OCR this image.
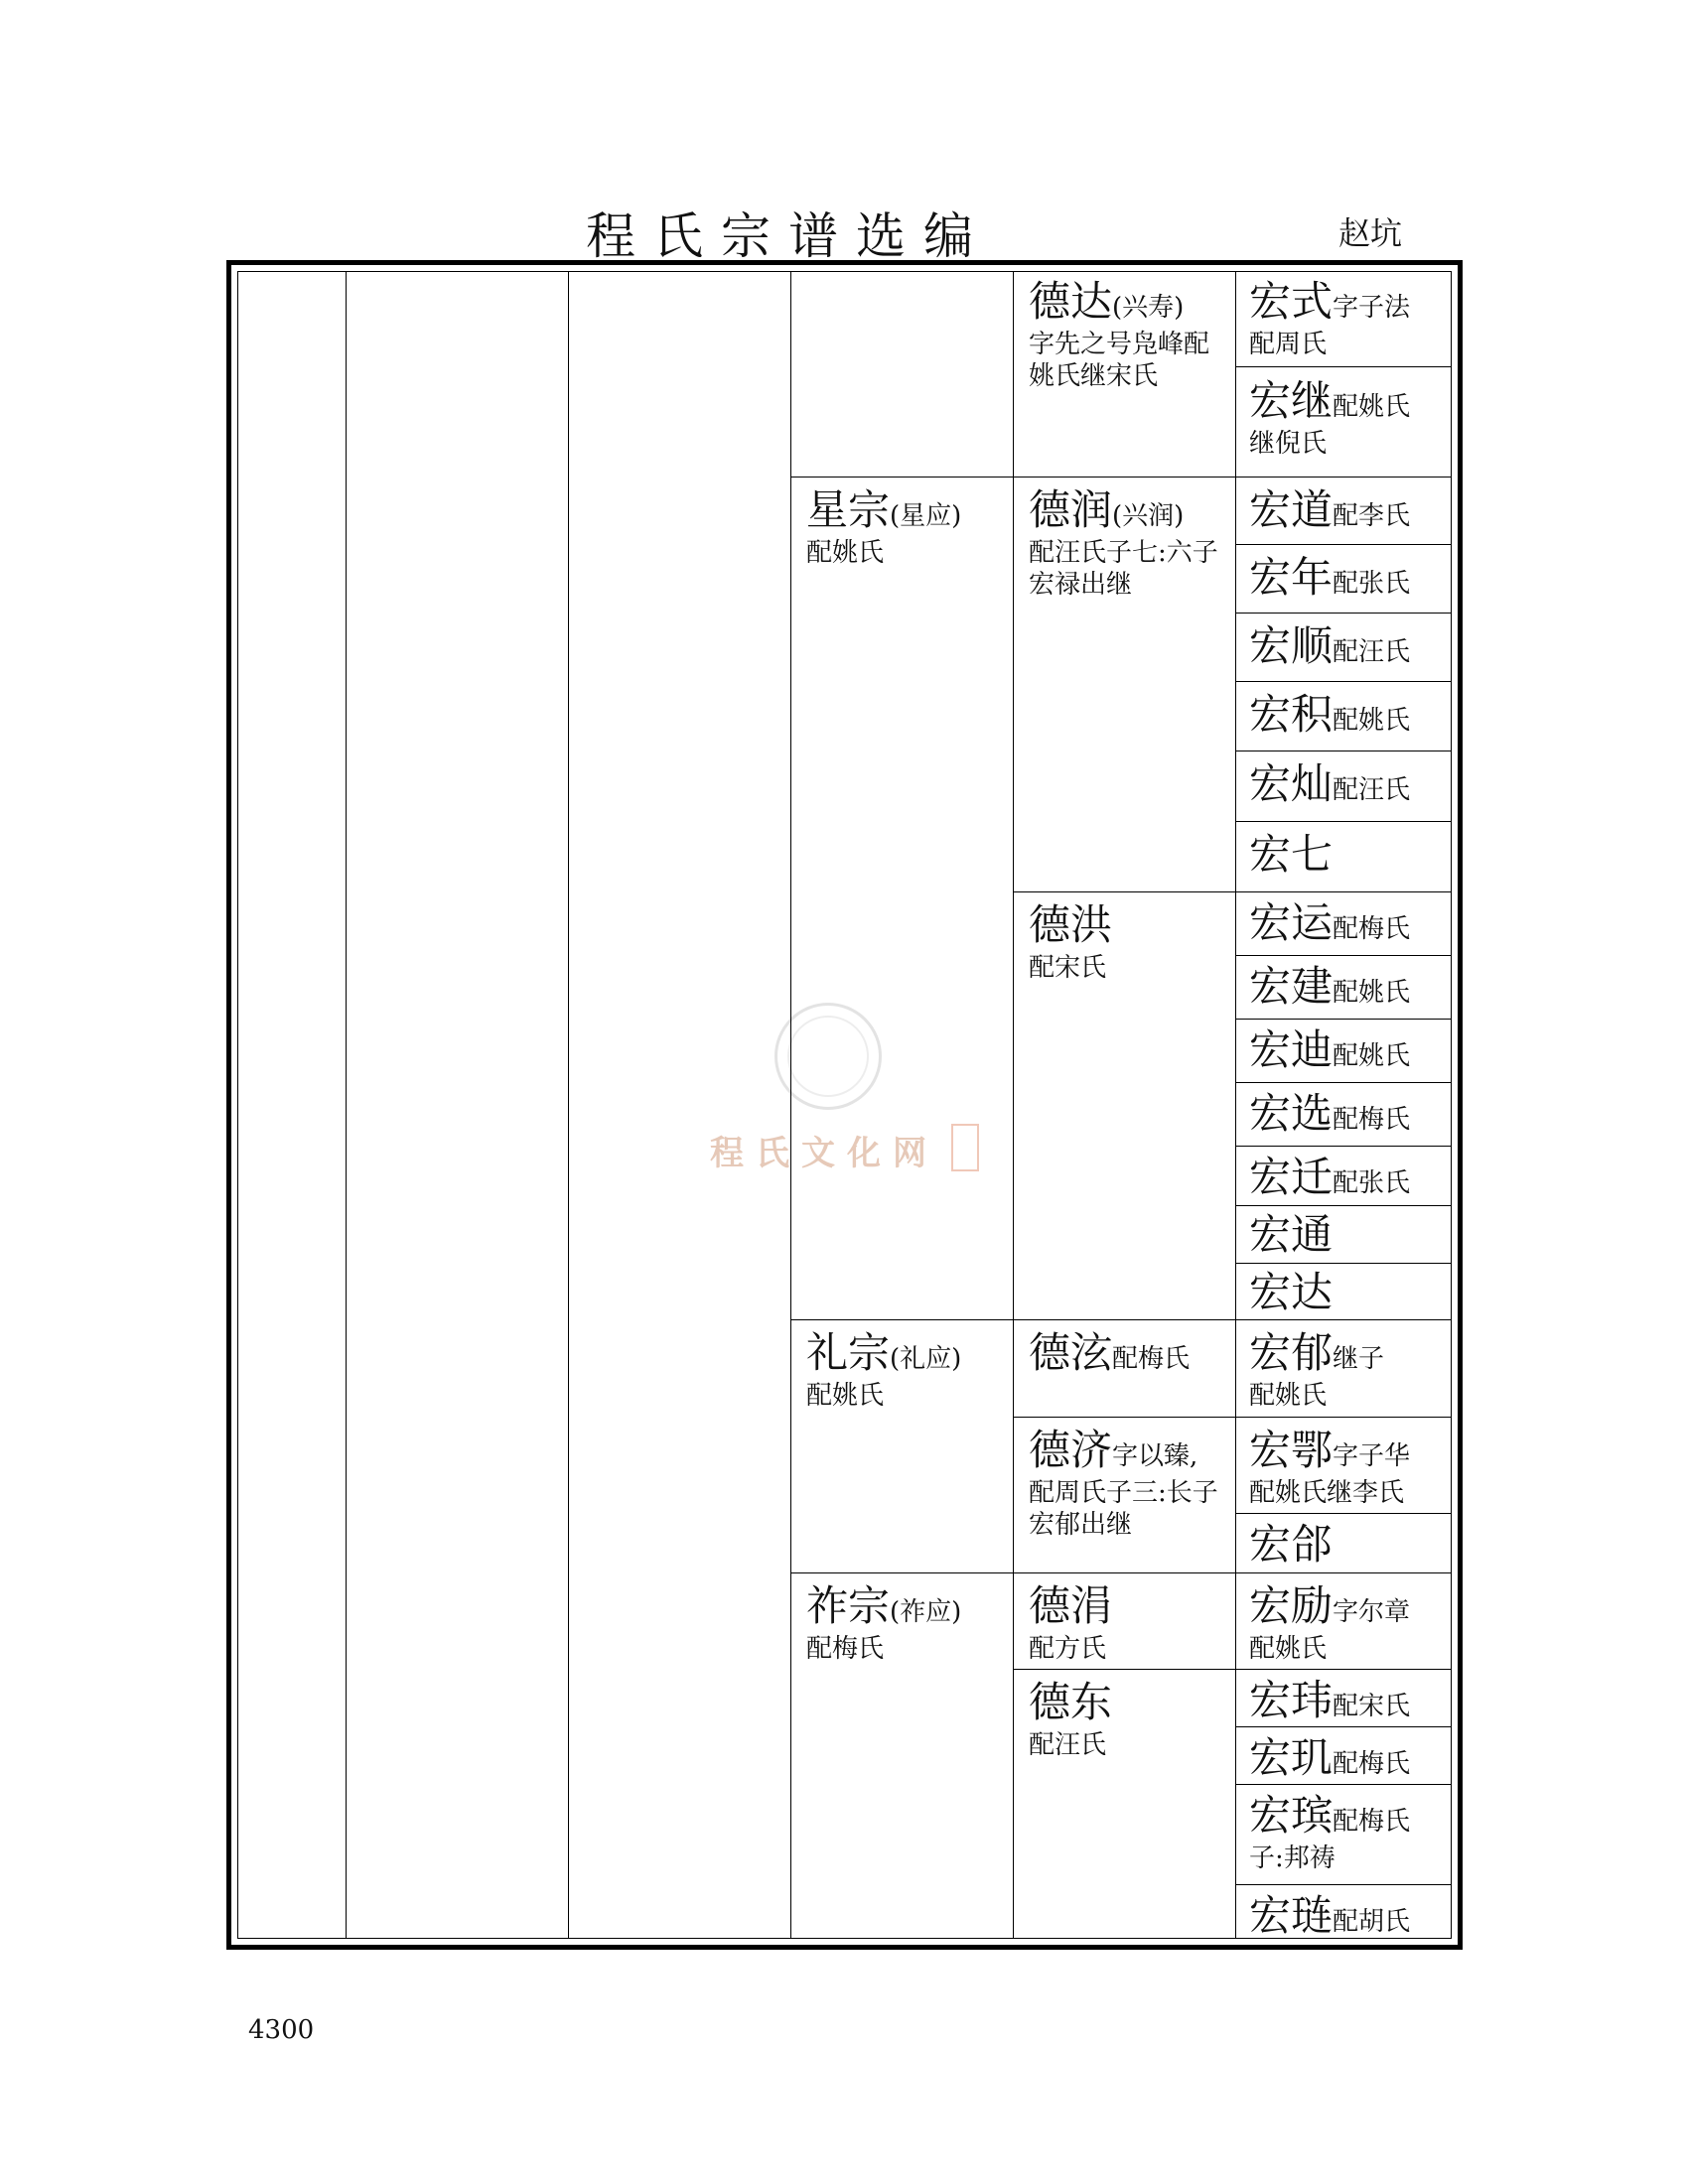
程氏宗谱选编	赵坑
程氏文化网
星宗(星应)
配姚氏
礼宗(礼应)
配姚氏
祚宗(祚应)
配梅氏
德达(兴寿)
字先之号凫峰配姚氏继宋氏
德润(兴润)
配汪氏子七:六子宏禄出继
德洪
配宋氏
德泫配梅氏
德济字以臻,
配周氏子三:长子宏郁出继
德涓
配方氏
德东
配汪氏
宏式字子法
配周氏
宏继配姚氏
继倪氏
宏道配李氏
宏年配张氏
宏顺配汪氏
宏积配姚氏
宏灿配汪氏
宏七
宏运配梅氏
宏建配姚氏
宏迪配姚氏
宏选配梅氏
宏迁配张氏
宏通
宏达
宏郁继子
配姚氏
宏鄂字子华
配姚氏继李氏
宏郃
宏励字尔章
配姚氏
宏玮配宋氏
宏玑配梅氏
宏瑸配梅氏
子:邦祷
宏琏配胡氏
4300
